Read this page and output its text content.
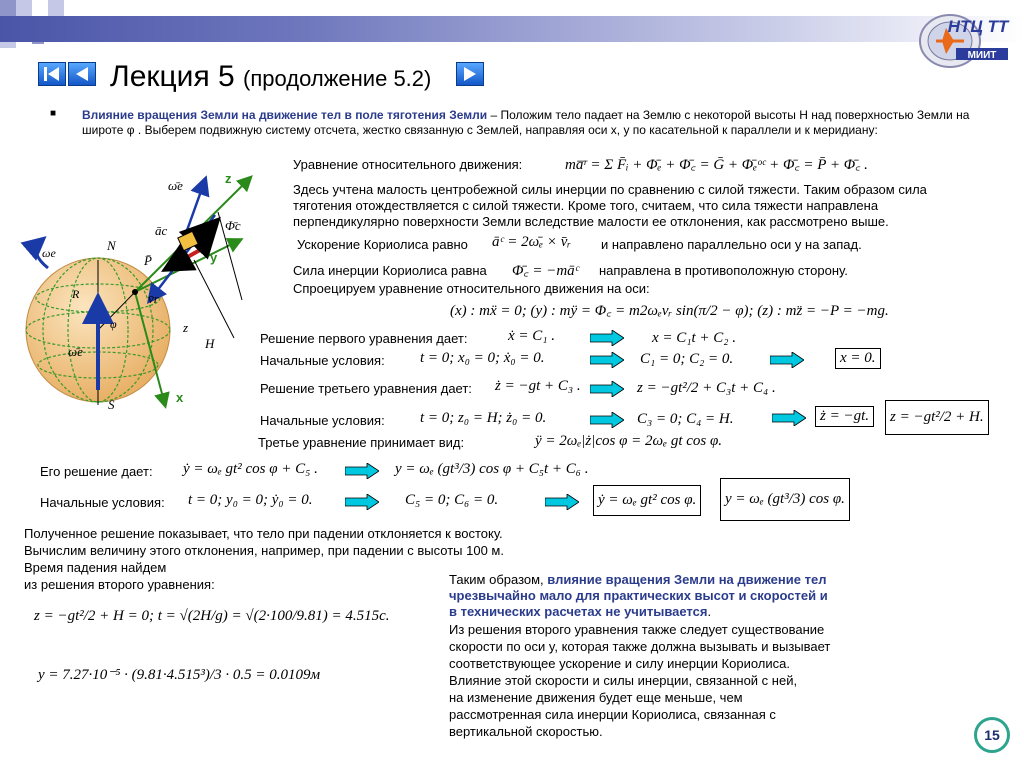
НТЦ ТТ
МИИТ
Лекция 5 (продолжение 5.2)
■ Влияние вращения Земли на движение тел в поле тяготения Земли – Положим тело падает на Землю с некоторой высоты H над поверхностью Земли на широте φ . Выберем подвижную систему отсчета, жестко связанную с Землей, направляя оси x, y по касательной к параллели и к меридиану:
ω̄e	z
āc	Φ̄c
P̄	y
v̄r
N
ωe
R
φ
ω̄e
z
H
S	x
Уравнение относительного движения:	ma̅ʳ = Σ F̄ᵢ + Φ̄ₑ + Φ̄꜀ = Ḡ + Φ̄ₑᵒᶜ + Φ̄꜀ = P̄ + Φ̄꜀ .
Здесь учтена малость центробежной силы инерции по сравнению с силой тяжести. Таким образом сила
тяготения отождествляется с силой тяжести. Кроме того, считаем, что сила тяжести направлена
перпендикулярно поверхности Земли вследствие малости ее отклонения, как рассмотрено выше.
Ускорение Кориолиса равно āᶜ = 2ω̄ₑ × v̄ᵣ и направлено параллельно оси y на запад.
Сила инерции Кориолиса равна Φ̄꜀ = −māᶜ направлена в противоположную сторону.
Спроецируем уравнение относительного движения на оси:
(x) : mẍ = 0; (y) : mÿ = Φ꜀ = m2ωₑvᵣ sin(π/2 − φ); (z) : mz̈ = −P = −mg.
Решение первого уравнения дает:	ẋ = C₁ .	x = C₁t + C₂ .
Начальные условия: t = 0; x₀ = 0; ẋ₀ = 0.	C₁ = 0; C₂ = 0.	x = 0.
Решение третьего уравнения дает: ż = −gt + C₃ .	z = −gt²/2 + C₃t + C₄ .
Начальные условия: t = 0; z₀ = H; ż₀ = 0.	C₃ = 0; C₄ = H.	ż = −gt.	z = −gt²/2 + H.
Третье уравнение принимает вид:	ÿ = 2ωₑ|ż|cos φ = 2ωₑ gt cos φ.
Его решение дает: ẏ = ωₑ gt² cos φ + C₅ .	y = ωₑ (gt³/3) cos φ + C₅t + C₆ .
Начальные условия: t = 0; y₀ = 0; ẏ₀ = 0.	C₅ = 0; C₆ = 0.	ẏ = ωₑ gt² cos φ.	y = ωₑ (gt³/3) cos φ.
Полученное решение показывает, что тело при падении отклоняется к востоку.
Вычислим величину этого отклонения, например, при падении с высоты 100 м.
Время падения найдем
из решения второго уравнения:
z = −gt²/2 + H = 0; t = √(2H/g) = √(2·100/9.81) = 4.515c.
y = 7.27·10⁻⁵ · (9.81·4.515³)/3 · 0.5 = 0.0109м
Таким образом, влияние вращения Земли на движение тел
чрезвычайно мало для практических высот и скоростей и
в технических расчетах не учитывается.
Из решения второго уравнения также следует существование
скорости по оси y, которая также должна вызывать и вызывает
соответствующее ускорение и силу инерции Кориолиса.
Влияние этой скорости и силы инерции, связанной с ней,
на изменение движения будет еще меньше, чем
рассмотренная сила инерции Кориолиса, связанная с
вертикальной скоростью.	15
